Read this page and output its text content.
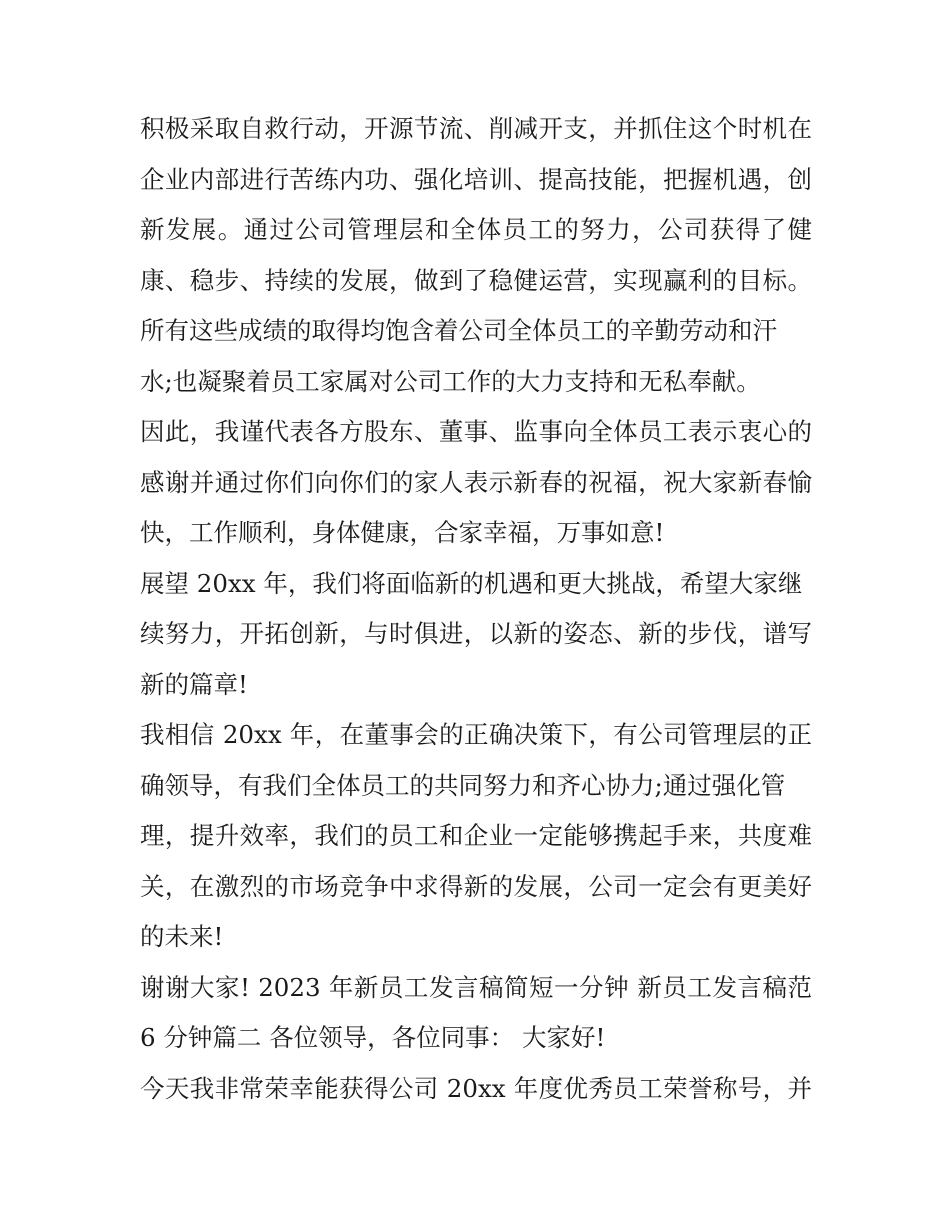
积极采取自救行动，开源节流、削减开支，并抓住这个时机在
企业内部进行苦练内功、强化培训、提高技能，把握机遇，创
新发展。通过公司管理层和全体员工的努力，公司获得了健
康、稳步、持续的发展，做到了稳健运营，实现赢利的目标。
所有这些成绩的取得均饱含着公司全体员工的辛勤劳动和汗
水;也凝聚着员工家属对公司工作的大力支持和无私奉献。
因此，我谨代表各方股东、董事、监事向全体员工表示衷心的
感谢并通过你们向你们的家人表示新春的祝福，祝大家新春愉
快，工作顺利，身体健康，合家幸福，万事如意!
展望 20xx 年，我们将面临新的机遇和更大挑战，希望大家继
续努力，开拓创新，与时俱进，以新的姿态、新的步伐，谱写
新的篇章!
我相信 20xx 年，在董事会的正确决策下，有公司管理层的正
确领导，有我们全体员工的共同努力和齐心协力;通过强化管
理，提升效率，我们的员工和企业一定能够携起手来，共度难
关，在激烈的市场竞争中求得新的发展，公司一定会有更美好
的未来!
谢谢大家! 2023 年新员工发言稿简短一分钟 新员工发言稿范
6 分钟篇二 各位领导，各位同事： 大家好!
今天我非常荣幸能获得公司 20xx 年度优秀员工荣誉称号，并
